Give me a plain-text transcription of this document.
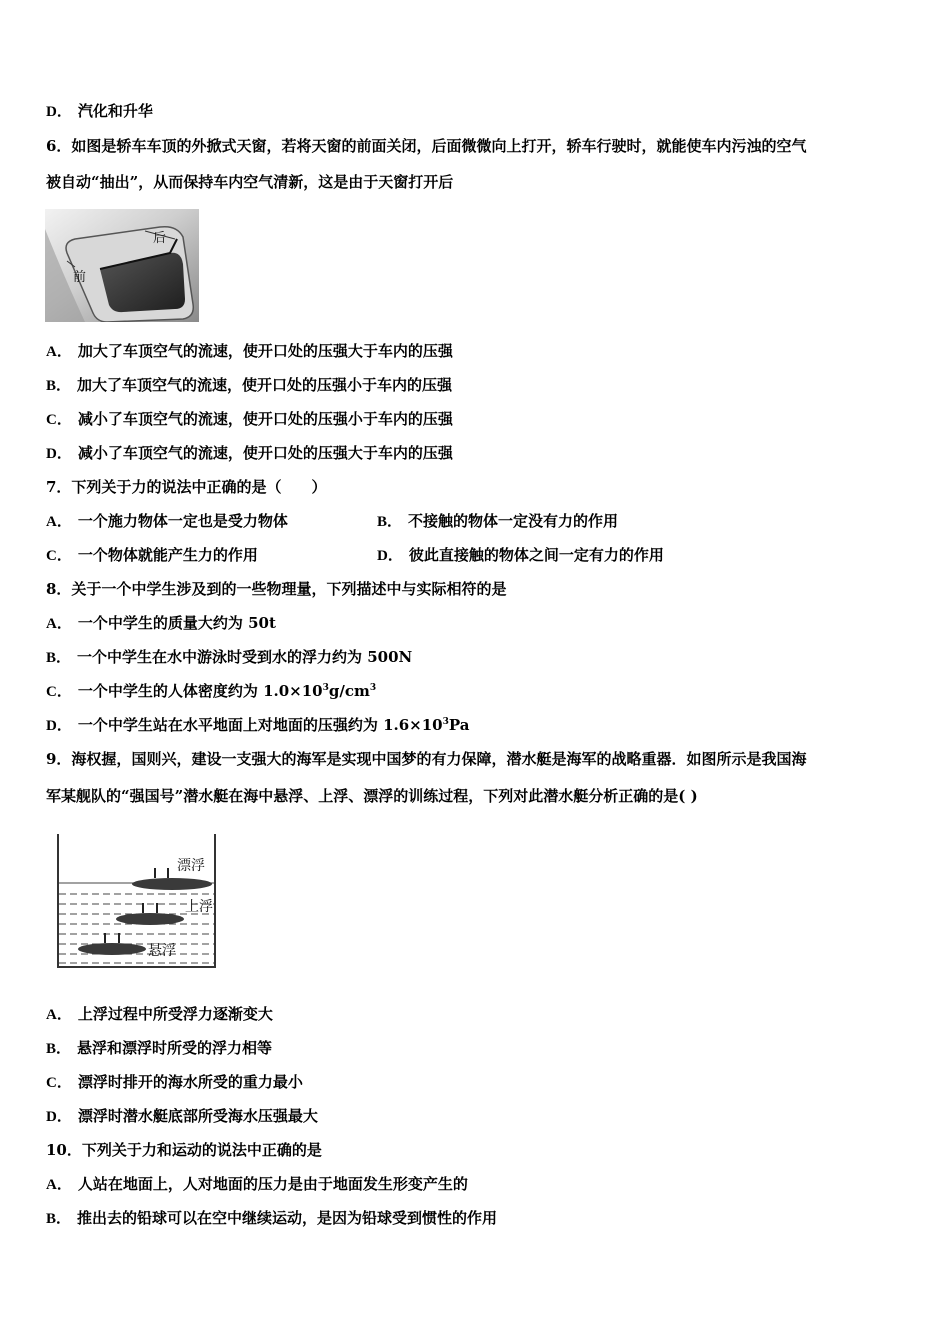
D． 汽化和升华
6．如图是轿车车顶的外掀式天窗，若将天窗的前面关闭，后面微微向上打开，轿车行驶时，就能使车内污浊的空气
被自动“抽出”，从而保持车内空气清新，这是由于天窗打开后
后
前
A． 加大了车顶空气的流速，使开口处的压强大于车内的压强
B． 加大了车顶空气的流速，使开口处的压强小于车内的压强
C． 减小了车顶空气的流速，使开口处的压强小于车内的压强
D． 减小了车顶空气的流速，使开口处的压强大于车内的压强
7．下列关于力的说法中正确的是（　　）
A． 一个施力物体一定也是受力物体	B． 不接触的物体一定没有力的作用
C． 一个物体就能产生力的作用	D． 彼此直接触的物体之间一定有力的作用
8．关于一个中学生涉及到的一些物理量，下列描述中与实际相符的是
A． 一个中学生的质量大约为 50t
B． 一个中学生在水中游泳时受到水的浮力约为 500N
C． 一个中学生的人体密度约为 $1.0\times 10^3g/cm^3$
D． 一个中学生站在水平地面上对地面的压强约为 $1.6\times 10^3Pa$
9．海权握，国则兴，建设一支强大的海军是实现中国梦的有力保障，潜水艇是海军的战略重器．如图所示是我国海
军某舰队的“强国号”潜水艇在海中悬浮、上浮、漂浮的训练过程，下列对此潜水艇分析正确的是( )
漂浮
上浮
悬浮
A． 上浮过程中所受浮力逐渐变大
B． 悬浮和漂浮时所受的浮力相等
C． 漂浮时排开的海水所受的重力最小
D． 漂浮时潜水艇底部所受海水压强最大
10．下列关于力和运动的说法中正确的是
A． 人站在地面上，人对地面的压力是由于地面发生形变产生的
B． 推出去的铅球可以在空中继续运动，是因为铅球受到惯性的作用
